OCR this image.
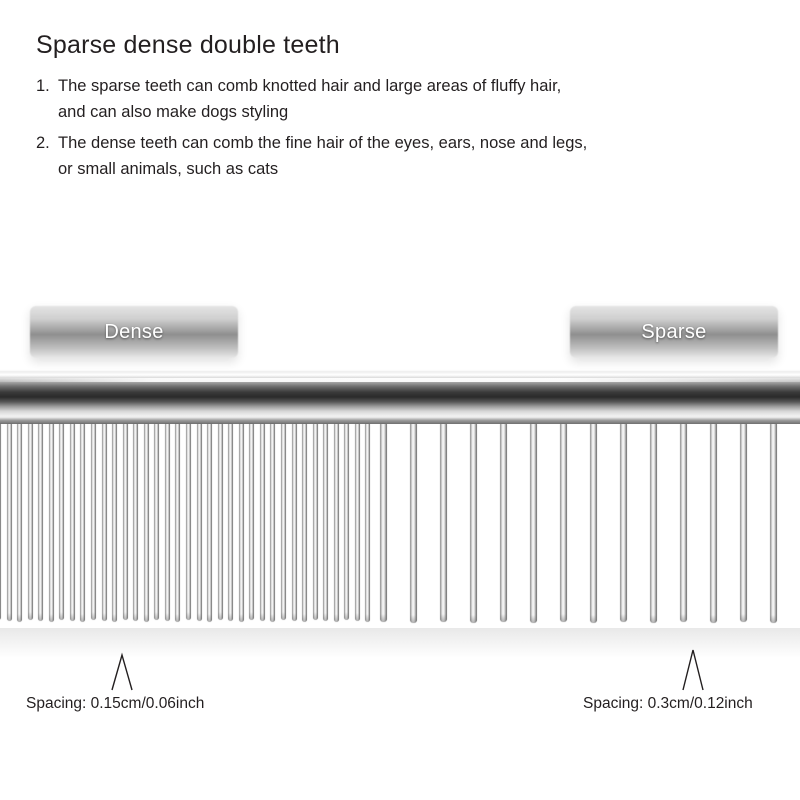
Sparse dense double teeth
1. The sparse teeth can comb knotted hair and large areas of fluffy hair,
and can also make dogs styling
2. The dense teeth can comb the fine hair of the eyes, ears, nose and legs,
or small animals, such as cats
Dense	Sparse
Spacing: 0.15cm/0.06inch	Spacing: 0.3cm/0.12inch
